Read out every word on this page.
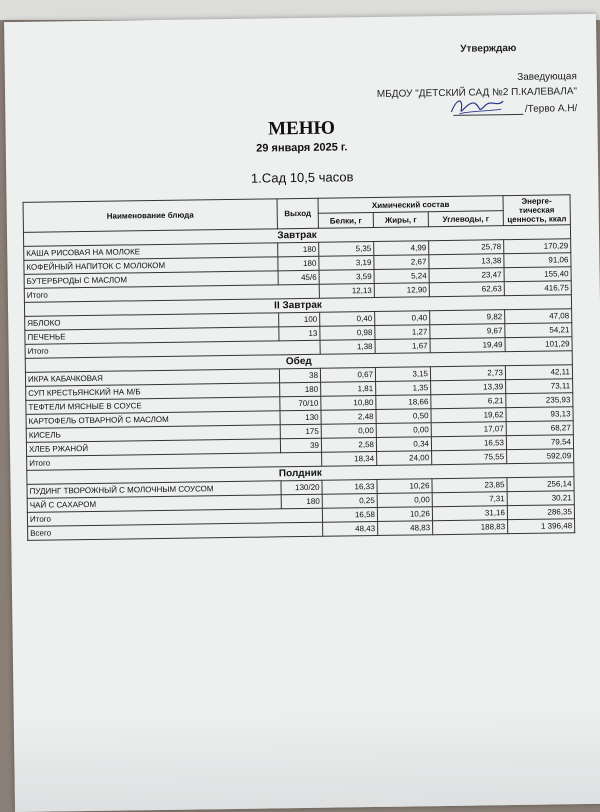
Утверждаю
Заведующая
МБДОУ "ДЕТСКИЙ САД №2 П.КАЛЕВАЛА"
/Терво А.Н/
МЕНЮ
29 января 2025 г.
1.Сад 10,5 часов
Наименование блюда	Выход	Химический состав			Энерге-тическая ценность, ккал
		Белки, г	Жиры, г	Углеводы, г	
Завтрак					
КАША РИСОВАЯ НА МОЛОКЕ	180	5,35	4,99	25,78	170,29
КОФЕЙНЫЙ НАПИТОК С МОЛОКОМ	180	3,19	2,67	13,38	91,06
БУТЕРБРОДЫ С МАСЛОМ	45/6	3,59	5,24	23,47	155,40
Итого		12,13	12,90	62,63	416,75
II Завтрак					
ЯБЛОКО	100	0,40	0,40	9,82	47,08
ПЕЧЕНЬЕ	13	0,98	1,27	9,67	54,21
Итого		1,38	1,67	19,49	101,29
Обед					
ИКРА КАБАЧКОВАЯ	38	0,67	3,15	2,73	42,11
СУП КРЕСТЬЯНСКИЙ НА М/Б	180	1,81	1,35	13,39	73,11
ТЕФТЕЛИ МЯСНЫЕ В СОУСЕ	70/10	10,80	18,66	6,21	235,93
КАРТОФЕЛЬ ОТВАРНОЙ С МАСЛОМ	130	2,48	0,50	19,62	93,13
КИСЕЛЬ	175	0,00	0,00	17,07	68,27
ХЛЕБ РЖАНОЙ	39	2,58	0,34	16,53	79,54
Итого		18,34	24,00	75,55	592,09
Полдник					
ПУДИНГ ТВОРОЖНЫЙ С МОЛОЧНЫМ СОУСОМ	130/20	16,33	10,26	23,85	256,14
ЧАЙ С САХАРОМ	180	0,25	0,00	7,31	30,21
Итого		16,58	10,26	31,16	286,35
Всего		48,43	48,83	188,83	1 396,48
